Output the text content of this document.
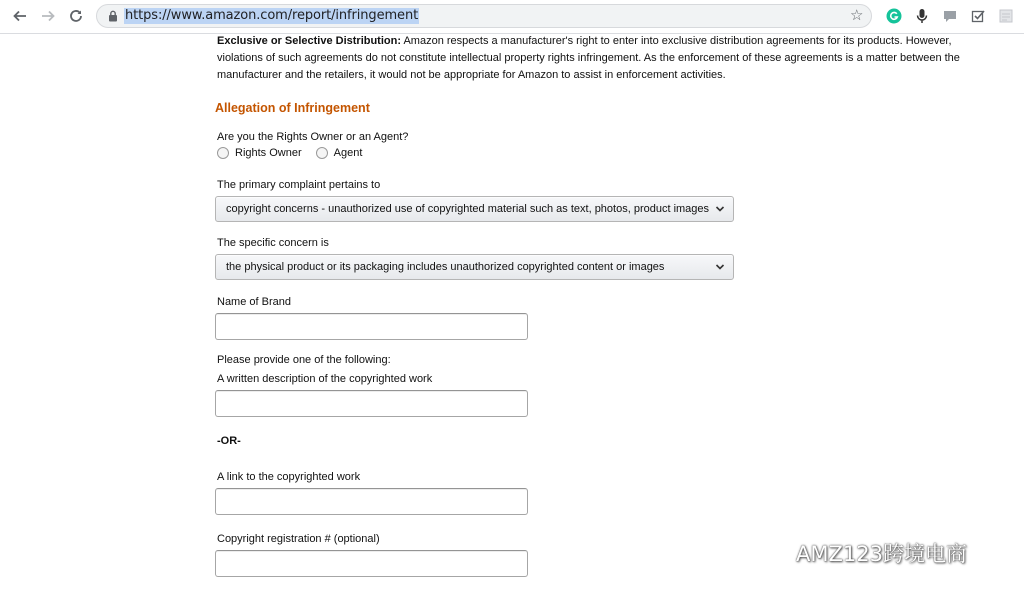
https://www.amazon.com/report/infringement	☆
Exclusive or Selective Distribution: Amazon respects a manufacturer's right to enter into exclusive distribution agreements for its products. However, violations of such agreements do not constitute intellectual property rights infringement. As the enforcement of these agreements is a matter between the manufacturer and the retailers, it would not be appropriate for Amazon to assist in enforcement activities.
Allegation of Infringement
Are you the Rights Owner or an Agent?
Rights Owner	Agent
The primary complaint pertains to
copyright concerns - unauthorized use of copyrighted material such as text, photos, product images
The specific concern is
the physical product or its packaging includes unauthorized copyrighted content or images
Name of Brand
Please provide one of the following:
A written description of the copyrighted work
-OR-
A link to the copyrighted work
Copyright registration # (optional)
AMZ123跨境电商
